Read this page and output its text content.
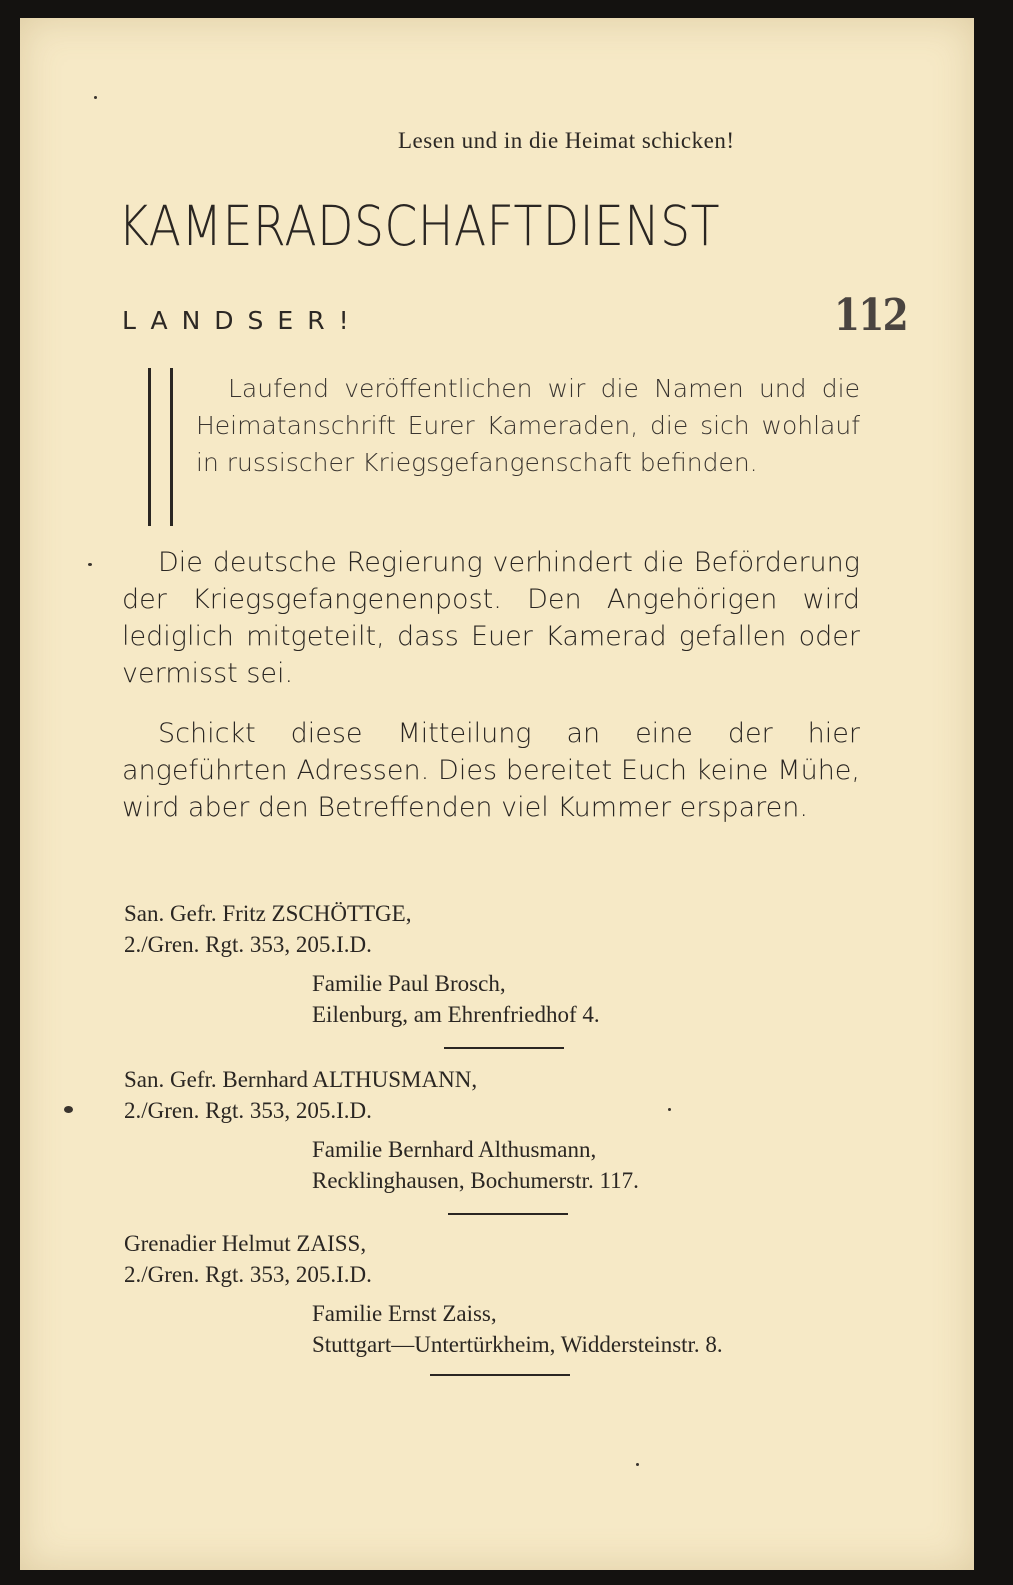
Lesen und in die Heimat schicken!
KAMERADSCHAFTDIENST
LANDSER!	112
Laufend veröffentlichen wir die Namen und die Heimatanschrift Eurer Kameraden, die sich wohlauf in russischer Kriegsgefangenschaft befinden.
Die deutsche Regierung verhindert die Beförderung der Kriegsgefangenenpost. Den Angehörigen wird lediglich mitgeteilt, dass Euer Kamerad gefallen oder vermisst sei.
Schickt diese Mitteilung an eine der hier angeführten Adressen. Dies bereitet Euch keine Mühe, wird aber den Betreffenden viel Kummer ersparen.
San. Gefr. Fritz ZSCHÖTTGE,
2./Gren. Rgt. 353, 205.I.D.
Familie Paul Brosch,
Eilenburg, am Ehrenfriedhof 4.
San. Gefr. Bernhard ALTHUSMANN,
2./Gren. Rgt. 353, 205.I.D.
Familie Bernhard Althusmann,
Recklinghausen, Bochumerstr. 117.
Grenadier Helmut ZAISS,
2./Gren. Rgt. 353, 205.I.D.
Familie Ernst Zaiss,
Stuttgart—Untertürkheim, Widdersteinstr. 8.
